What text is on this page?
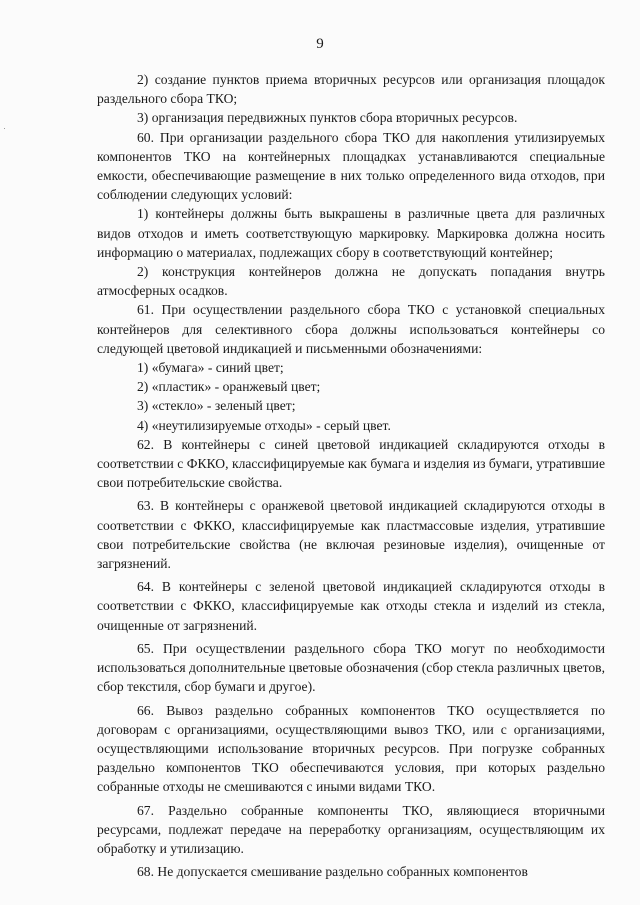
9

2) создание пунктов приема вторичных ресурсов или организация площадок раздельного сбора ТКО;

3) организация передвижных пунктов сбора вторичных ресурсов.

60. При организации раздельного сбора ТКО для накопления утилизируемых компонентов ТКО на контейнерных площадках устанавливаются специальные емкости, обеспечивающие размещение в них только определенного вида отходов, при соблюдении следующих условий:

1) контейнеры должны быть выкрашены в различные цвета для различных видов отходов и иметь соответствующую маркировку. Маркировка должна носить информацию о материалах, подлежащих сбору в соответствующий контейнер;

2) конструкция контейнеров должна не допускать попадания внутрь атмосферных осадков.

61. При осуществлении раздельного сбора ТКО с установкой специальных контейнеров для селективного сбора должны использоваться контейнеры со следующей цветовой индикацией и письменными обозначениями:

1) «бумага» - синий цвет;

2) «пластик» - оранжевый цвет;

3) «стекло» - зеленый цвет;

4) «неутилизируемые отходы» - серый цвет.

62. В контейнеры с синей цветовой индикацией складируются отходы в соответствии с ФККО, классифицируемые как бумага и изделия из бумаги, утратившие свои потребительские свойства.

63. В контейнеры с оранжевой цветовой индикацией складируются отходы в соответствии с ФККО, классифицируемые как пластмассовые изделия, утратившие свои потребительские свойства (не включая резиновые изделия), очищенные от загрязнений.

64. В контейнеры с зеленой цветовой индикацией складируются отходы в соответствии с ФККО, классифицируемые как отходы стекла и изделий из стекла, очищенные от загрязнений.

65. При осуществлении раздельного сбора ТКО могут по необходимости использоваться дополнительные цветовые обозначения (сбор стекла различных цветов, сбор текстиля, сбор бумаги и другое).

66. Вывоз раздельно собранных компонентов ТКО осуществляется по договорам с организациями, осуществляющими вывоз ТКО, или с организациями, осуществляющими использование вторичных ресурсов. При погрузке собранных раздельно компонентов ТКО обеспечиваются условия, при которых раздельно собранные отходы не смешиваются с иными видами ТКО.

67. Раздельно собранные компоненты ТКО, являющиеся вторичными ресурсами, подлежат передаче на переработку организациям, осуществляющим их обработку и утилизацию.

68. Не допускается смешивание раздельно собранных компонентов
